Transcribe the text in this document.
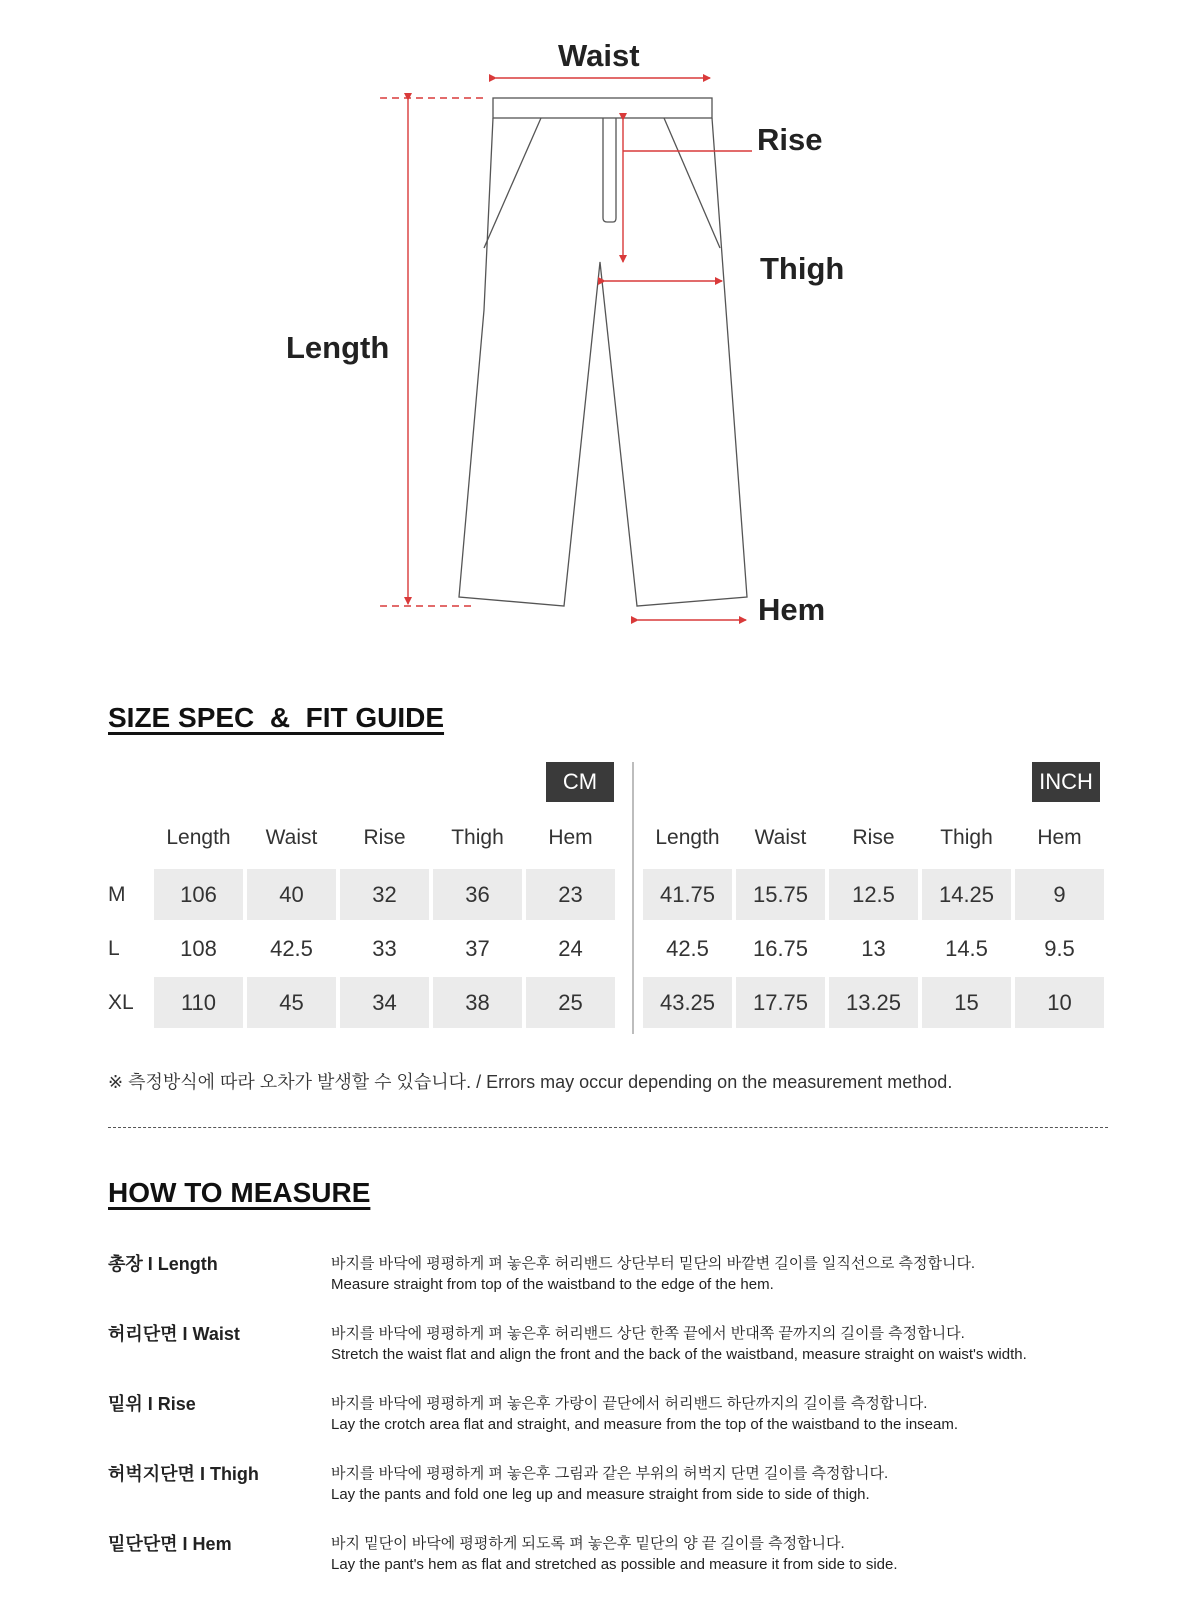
Waist
Rise
Thigh
Length
Hem
SIZE SPEC  &  FIT GUIDE
CM	INCH
Length	Waist	Rise	Thigh	Hem	Length	Waist	Rise	Thigh	Hem
M	106	40	32	36	23	41.75	15.75	12.5	14.25	9
L	108	42.5	33	37	24	42.5	16.75	13	14.5	9.5
XL	110	45	34	38	25	43.25	17.75	13.25	15	10
※ 측정방식에 따라 오차가 발생할 수 있습니다. / Errors may occur depending on the measurement method.
HOW TO MEASURE
총장 I Length	바지를 바닥에 평평하게 펴 놓은후 허리밴드 상단부터 밑단의 바깥변 길이를 일직선으로 측정합니다.
Measure straight from top of the waistband to the edge of the hem.
허리단면 I Waist	바지를 바닥에 평평하게 펴 놓은후 허리밴드 상단 한쪽 끝에서 반대쪽 끝까지의 길이를 측정합니다.
Stretch the waist flat and align the front and the back of the waistband, measure straight on waist's width.
밑위 I Rise	바지를 바닥에 평평하게 펴 놓은후 가랑이 끝단에서 허리밴드 하단까지의 길이를 측정합니다.
Lay the crotch area flat and straight, and measure from the top of the waistband to the inseam.
허벅지단면 I Thigh	바지를 바닥에 평평하게 펴 놓은후 그림과 같은 부위의 허벅지 단면 길이를 측정합니다.
Lay the pants and fold one leg up and measure straight from side to side of thigh.
밑단단면 I Hem	바지 밑단이 바닥에 평평하게 되도록 펴 놓은후 밑단의 양 끝 길이를 측정합니다.
Lay the pant's hem as flat and stretched as possible and measure it from side to side.
